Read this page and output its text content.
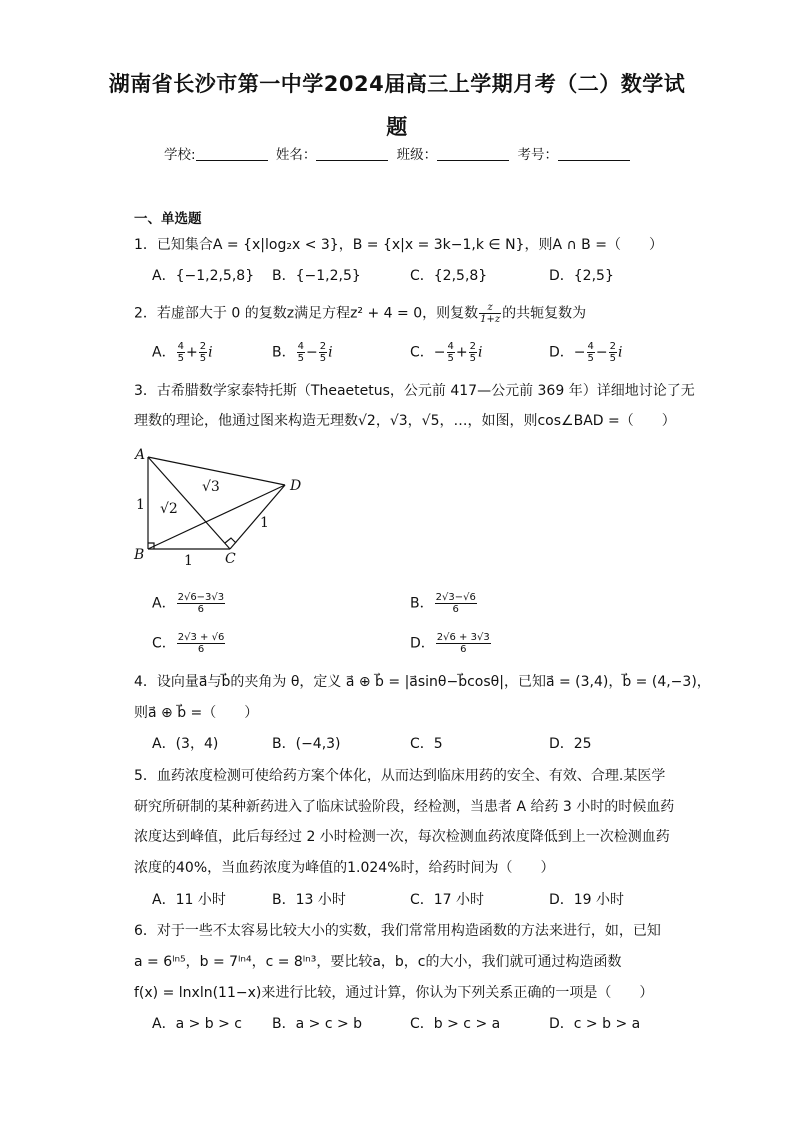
湖南省长沙市第一中学2024届高三上学期月考（二）数学试
题
学校:	姓名：	班级：	考号：
一、单选题
1．已知集合A = {x|log₂x < 3}，B = {x|x = 3k−1,k ∈ N}，则A ∩ B =（　　）
A．{−1,2,5,8} B．{−1,2,5}	C．{2,5,8}	D．{2,5}
2．若虚部大于 0 的复数z满足方程z² + 4 = 0，则复数 $\frac{z}{1+z}$ 的共轭复数为
A． $\frac{4}{5} + \frac{2}{5}$ i	B． $\frac{4}{5} - \frac{2}{5}$ i	C．− $\frac{4}{5} + \frac{2}{5}$ i	D．− $\frac{4}{5} - \frac{2}{5}$ i
3．古希腊数学家泰特托斯（Theaetetus，公元前 417—公元前 369 年）详细地讨论了无
理数的理论，他通过图来构造无理数√2，√3，√5，…，如图，则cos∠BAD =（　　）
A
B	C
D
1
1
1
√2
√3
A． $\frac{2√6-3√3}{6}$	B． $\frac{2√3-√6}{6}$
C． $\frac{2√3 + √6}{6}$	D． $\frac{2√6 + 3√3}{6}$
4．设向量a⃗与b⃗的夹角为 θ，定义 a⃗ ⊕ b⃗ = |a⃗sinθ−b⃗cosθ|，已知a⃗ = (3,4)，b⃗ = (4,−3)，
则a⃗ ⊕ b⃗ =（　　）
A．(3，4)	B．(−4,3)	C．5	D．25
5．血药浓度检测可使给药方案个体化，从而达到临床用药的安全、有效、合理.某医学
研究所研制的某种新药进入了临床试验阶段，经检测，当患者 A 给药 3 小时的时候血药
浓度达到峰值，此后每经过 2 小时检测一次，每次检测血药浓度降低到上一次检测血药
浓度的40%，当血药浓度为峰值的1.024%时，给药时间为（　　）
A．11 小时	B．13 小时	C．17 小时	D．19 小时
6．对于一些不太容易比较大小的实数，我们常常用构造函数的方法来进行，如，已知
a = 6ˡⁿ⁵，b = 7ˡⁿ⁴，c = 8ˡⁿ³，要比较a，b，c的大小，我们就可通过构造函数
f(x) = lnxln(11−x)来进行比较，通过计算，你认为下列关系正确的一项是（　　）
A．a > b > c B．a > c > b	C．b > c > a	D．c > b > a
